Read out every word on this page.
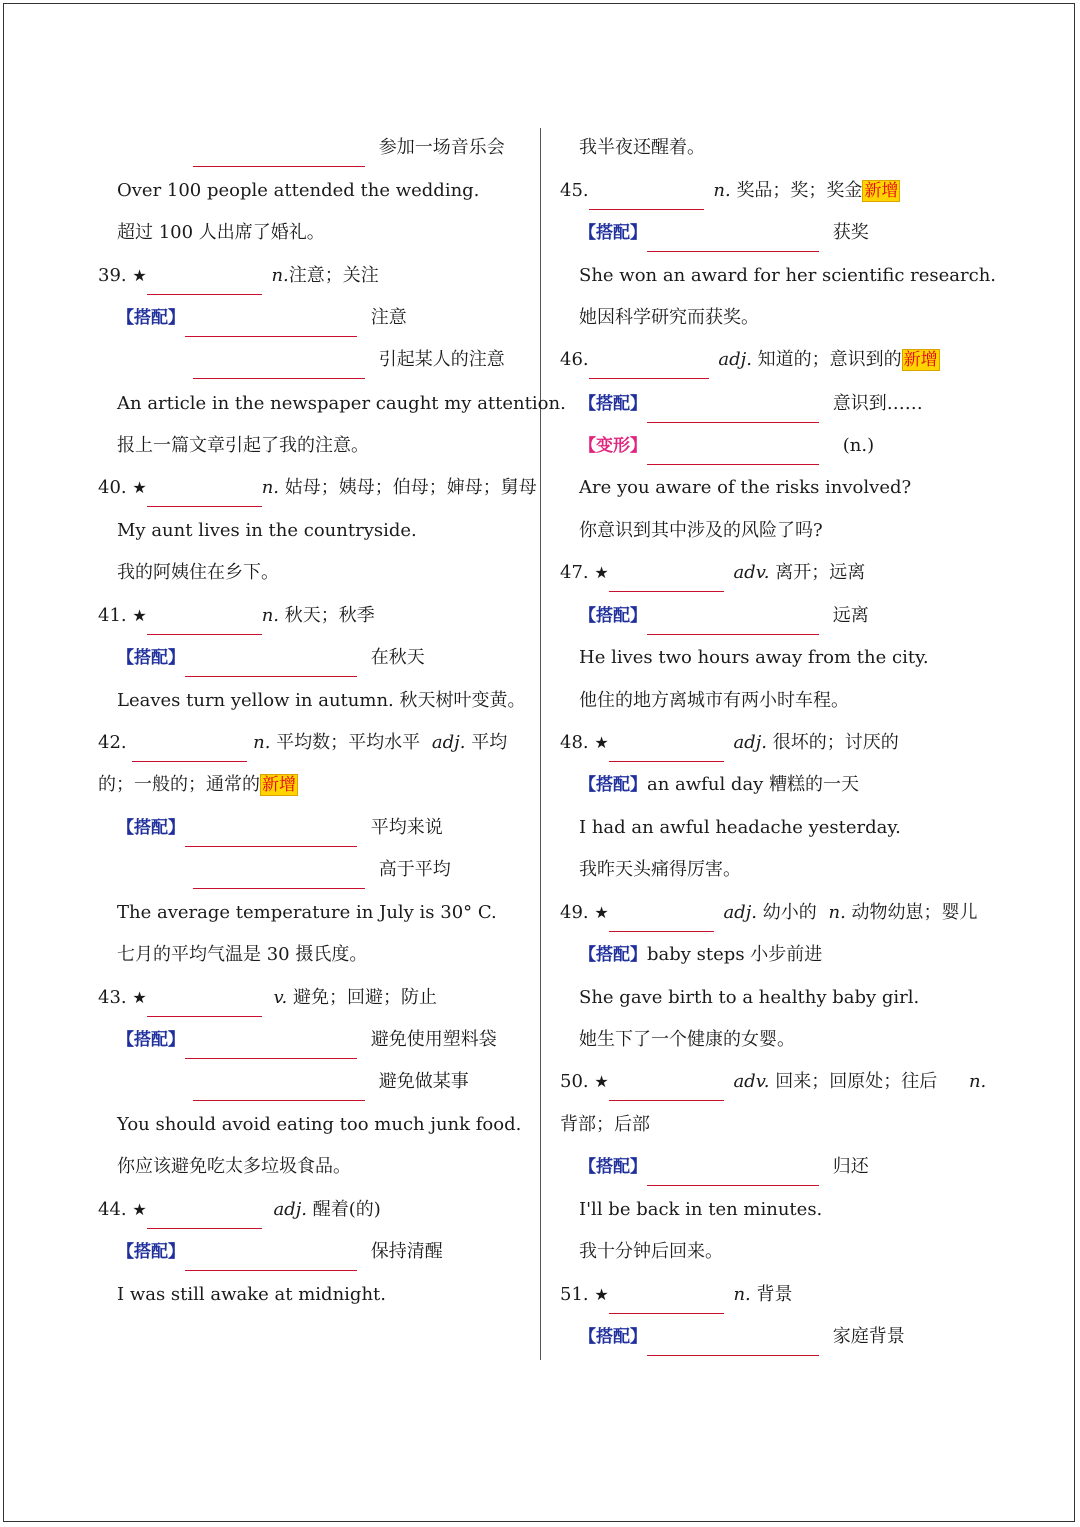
参加一场音乐会
Over 100 people attended the wedding.
超过 100 人出席了婚礼。
39. ★	n.注意；关注
【搭配】	注意
引起某人的注意
An article in the newspaper caught my attention.
报上一篇文章引起了我的注意。
40. ★	n. 姑母；姨母；伯母；婶母；舅母
My aunt lives in the countryside.
我的阿姨住在乡下。
41. ★	n. 秋天；秋季
【搭配】	在秋天
Leaves turn yellow in autumn. 秋天树叶变黄。
42.	n. 平均数；平均水平 adj. 平均
的；一般的；通常的 新增
【搭配】	平均来说
高于平均
The average temperature in July is 30° C.
七月的平均气温是 30 摄氏度。
43. ★	v. 避免；回避；防止
【搭配】	避免使用塑料袋
避免做某事
You should avoid eating too much junk food.
你应该避免吃太多垃圾食品。
44. ★	adj. 醒着(的)
【搭配】	保持清醒
I was still awake at midnight.
我半夜还醒着。
45.	n. 奖品；奖；奖金 新增
【搭配】	获奖
She won an award for her scientific research.
她因科学研究而获奖。
46.	adj. 知道的；意识到的 新增
【搭配】	意识到……
【变形】	(n.)
Are you aware of the risks involved?
你意识到其中涉及的风险了吗?
47. ★	adv. 离开；远离
【搭配】	远离
He lives two hours away from the city.
他住的地方离城市有两小时车程。
48. ★	adj. 很坏的；讨厌的
【搭配】an awful day 糟糕的一天
I had an awful headache yesterday.
我昨天头痛得厉害。
49. ★	adj. 幼小的 n. 动物幼崽；婴儿
【搭配】baby steps 小步前进
She gave birth to a healthy baby girl.
她生下了一个健康的女婴。
50. ★	adv. 回来；回原处；往后 n.
背部；后部
【搭配】	归还
I'll be back in ten minutes.
我十分钟后回来。
51. ★	n. 背景
【搭配】	家庭背景
